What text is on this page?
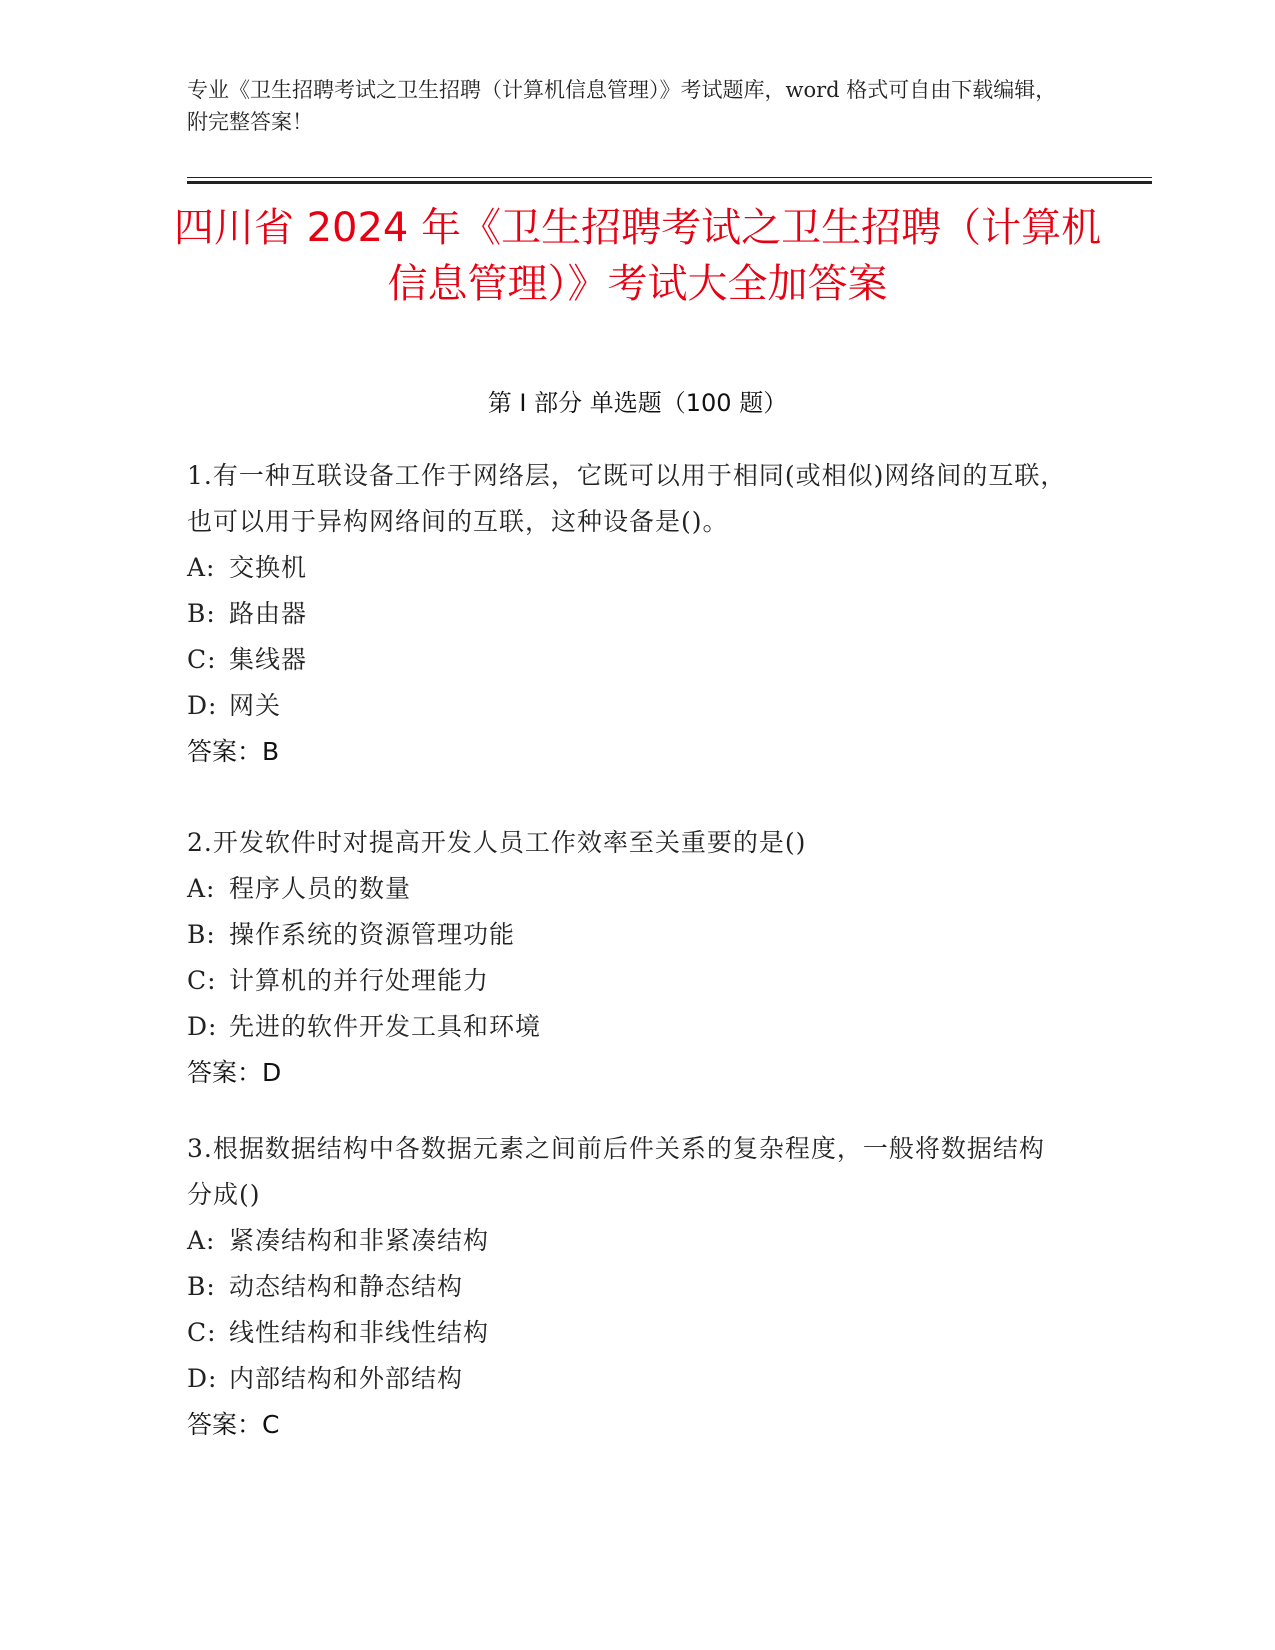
专业《卫生招聘考试之卫生招聘（计算机信息管理）》考试题库，word 格式可自由下载编辑，附完整答案！
四川省 2024 年《卫生招聘考试之卫生招聘（计算机信息管理）》考试大全加答案
第 I 部分 单选题（100 题）
1.有一种互联设备工作于网络层，它既可以用于相同(或相似)网络间的互联，也可以用于异构网络间的互联，这种设备是()。
A: 交换机
B: 路由器
C: 集线器
D: 网关
答案：B
2.开发软件时对提高开发人员工作效率至关重要的是()
A: 程序人员的数量
B: 操作系统的资源管理功能
C: 计算机的并行处理能力
D: 先进的软件开发工具和环境
答案：D
3.根据数据结构中各数据元素之间前后件关系的复杂程度，一般将数据结构分成()
A: 紧凑结构和非紧凑结构
B: 动态结构和静态结构
C: 线性结构和非线性结构
D: 内部结构和外部结构
答案：C
